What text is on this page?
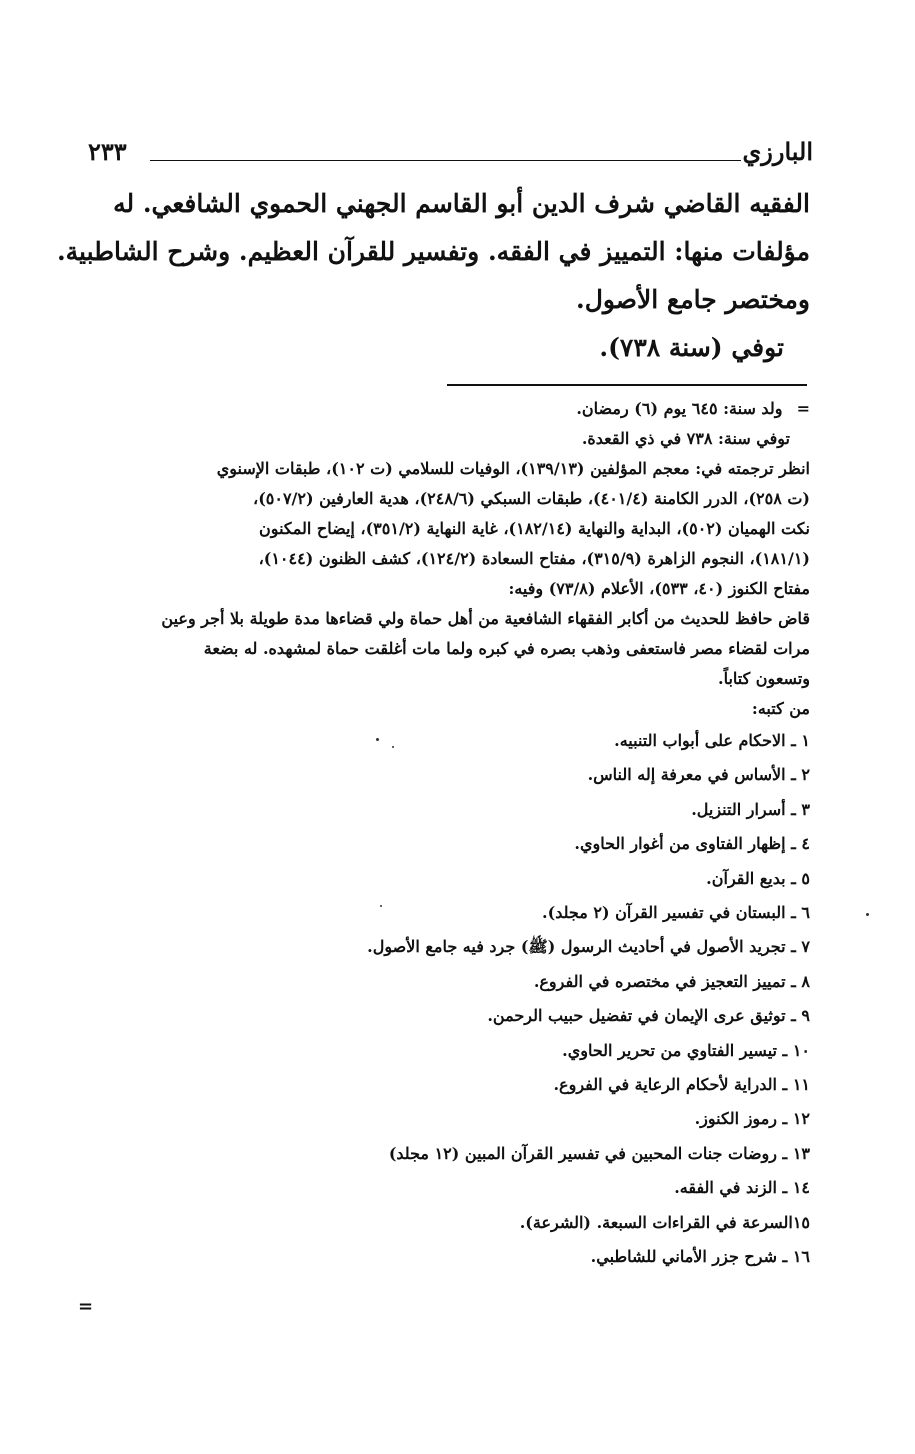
البارزي
٢٣٣
الفقيه القاضي شرف الدين أبو القاسم الجهني الحموي الشافعي. له
مؤلفات منها: التمييز في الفقه. وتفسير للقرآن العظيم. وشرح الشاطبية.
ومختصر جامع الأصول.
توفي (سنة ٧٣٨).
= ولد سنة: ٦٤٥ يوم (٦) رمضان.
توفي سنة: ٧٣٨ في ذي القعدة.
انظر ترجمته في: معجم المؤلفين (١٣٩/١٣)، الوفيات للسلامي (ت ١٠٢)، طبقات الإسنوي
(ت ٢٥٨)، الدرر الكامنة (٤٠١/٤)، طبقات السبكي (٢٤٨/٦)، هدية العارفين (٥٠٧/٢)،
نكت الهميان (٥٠٢)، البداية والنهاية (١٨٢/١٤)، غاية النهاية (٣٥١/٢)، إيضاح المكنون
(١٨١/١)، النجوم الزاهرة (٣١٥/٩)، مفتاح السعادة (١٢٤/٢)، كشف الظنون (١٠٤٤)،
مفتاح الكنوز (٤٠، ٥٣٣)، الأعلام (٧٣/٨) وفيه:
قاض حافظ للحديث من أكابر الفقهاء الشافعية من أهل حماة ولي قضاءها مدة طويلة بلا أجر وعين
مرات لقضاء مصر فاستعفى وذهب بصره في كبره ولما مات أغلقت حماة لمشهده. له بضعة
وتسعون كتاباً.
من كتبه:
١ ـ الاحكام على أبواب التنبيه.
٢ ـ الأساس في معرفة إله الناس.
٣ ـ أسرار التنزيل.
٤ ـ إظهار الفتاوى من أغوار الحاوي.
٥ ـ بديع القرآن.
٦ ـ البستان في تفسير القرآن (٢ مجلد).
٧ ـ تجريد الأصول في أحاديث الرسول (ﷺ) جرد فيه جامع الأصول.
٨ ـ تمييز التعجيز في مختصره في الفروع.
٩ ـ توثيق عرى الإيمان في تفضيل حبيب الرحمن.
١٠ ـ تيسير الفتاوي من تحرير الحاوي.
١١ ـ الدراية لأحكام الرعاية في الفروع.
١٢ ـ رموز الكنوز.
١٣ ـ روضات جنات المحبين في تفسير القرآن المبين (١٢ مجلد)
١٤ ـ الزند في الفقه.
١٥السرعة في القراءات السبعة. (الشرعة).
١٦ ـ شرح جزر الأماني للشاطبي.
=
